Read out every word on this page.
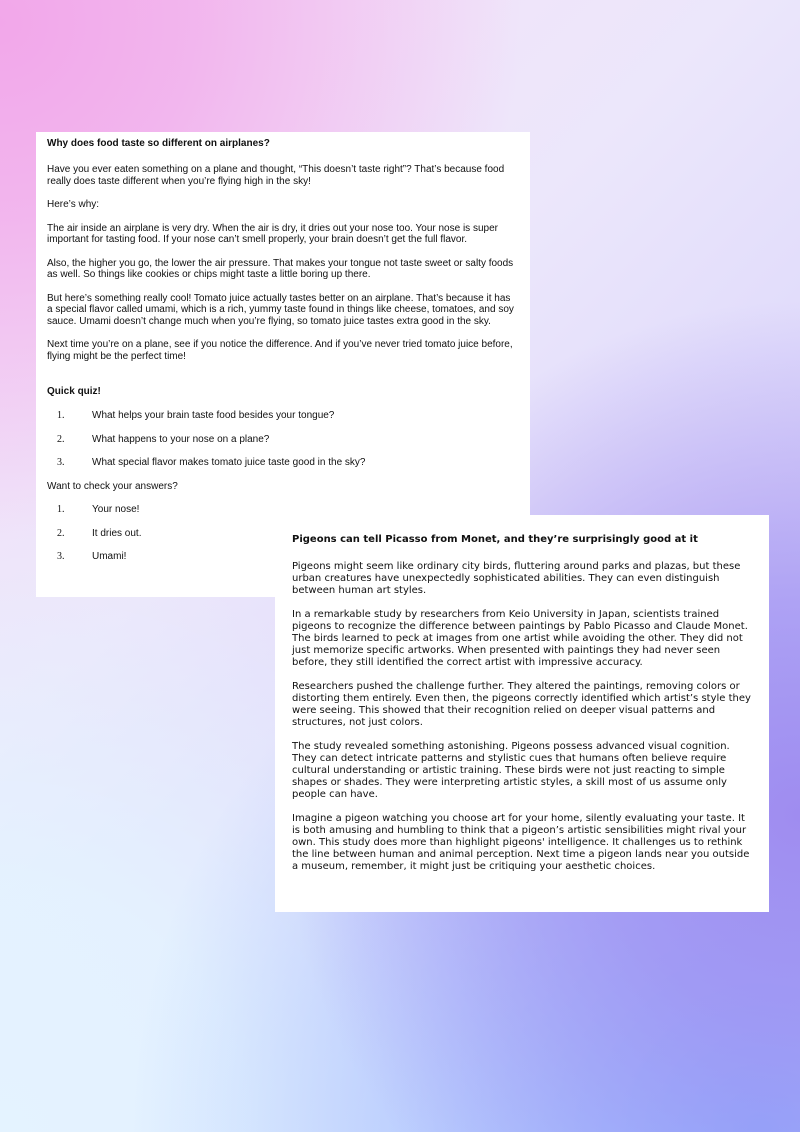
Why does food taste so different on airplanes?

Have you ever eaten something on a plane and thought, “This doesn’t taste right”? That’s because food really does taste different when you’re flying high in the sky!

Here’s why:

The air inside an airplane is very dry. When the air is dry, it dries out your nose too. Your nose is super important for tasting food. If your nose can’t smell properly, your brain doesn’t get the full flavor.

Also, the higher you go, the lower the air pressure. That makes your tongue not taste sweet or salty foods as well. So things like cookies or chips might taste a little boring up there.

But here’s something really cool! Tomato juice actually tastes better on an airplane. That’s because it has a special flavor called umami, which is a rich, yummy taste found in things like cheese, tomatoes, and soy sauce. Umami doesn’t change much when you’re flying, so tomato juice tastes extra good in the sky.

Next time you’re on a plane, see if you notice the difference. And if you’ve never tried tomato juice before, flying might be the perfect time!

Quick quiz!
1.	What helps your brain taste food besides your tongue?
2.	What happens to your nose on a plane?
3.	What special flavor makes tomato juice taste good in the sky?
Want to check your answers?
1.	Your nose!
2.	It dries out.
3.	Umami!
Pigeons can tell Picasso from Monet, and they’re surprisingly good at it

Pigeons might seem like ordinary city birds, fluttering around parks and plazas, but these urban creatures have unexpectedly sophisticated abilities. They can even distinguish between human art styles.

In a remarkable study by researchers from Keio University in Japan, scientists trained pigeons to recognize the difference between paintings by Pablo Picasso and Claude Monet. The birds learned to peck at images from one artist while avoiding the other. They did not just memorize specific artworks. When presented with paintings they had never seen before, they still identified the correct artist with impressive accuracy.

Researchers pushed the challenge further. They altered the paintings, removing colors or distorting them entirely. Even then, the pigeons correctly identified which artist’s style they were seeing. This showed that their recognition relied on deeper visual patterns and structures, not just colors.

The study revealed something astonishing. Pigeons possess advanced visual cognition. They can detect intricate patterns and stylistic cues that humans often believe require cultural understanding or artistic training. These birds were not just reacting to simple shapes or shades. They were interpreting artistic styles, a skill most of us assume only people can have.

Imagine a pigeon watching you choose art for your home, silently evaluating your taste. It is both amusing and humbling to think that a pigeon’s artistic sensibilities might rival your own. This study does more than highlight pigeons' intelligence. It challenges us to rethink the line between human and animal perception. Next time a pigeon lands near you outside a museum, remember, it might just be critiquing your aesthetic choices.
